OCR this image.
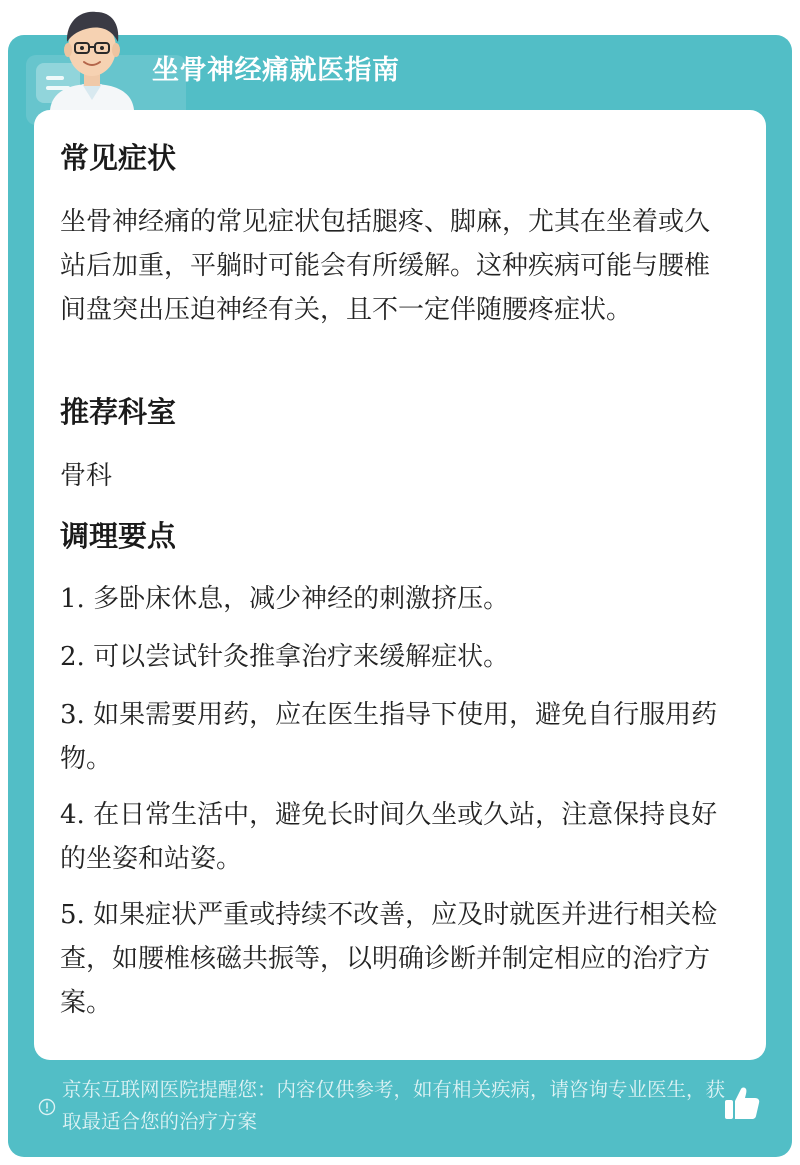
坐骨神经痛就医指南
常见症状
坐骨神经痛的常见症状包括腿疼、脚麻，尤其在坐着或久站后加重，平躺时可能会有所缓解。这种疾病可能与腰椎间盘突出压迫神经有关，且不一定伴随腰疼症状。
推荐科室
骨科
调理要点
1. 多卧床休息，减少神经的刺激挤压。
2. 可以尝试针灸推拿治疗来缓解症状。
3. 如果需要用药，应在医生指导下使用，避免自行服用药物。
4. 在日常生活中，避免长时间久坐或久站，注意保持良好的坐姿和站姿。
5. 如果症状严重或持续不改善，应及时就医并进行相关检查，如腰椎核磁共振等，以明确诊断并制定相应的治疗方案。
京东互联网医院提醒您：内容仅供参考，如有相关疾病，请咨询专业医生，获取最适合您的治疗方案
